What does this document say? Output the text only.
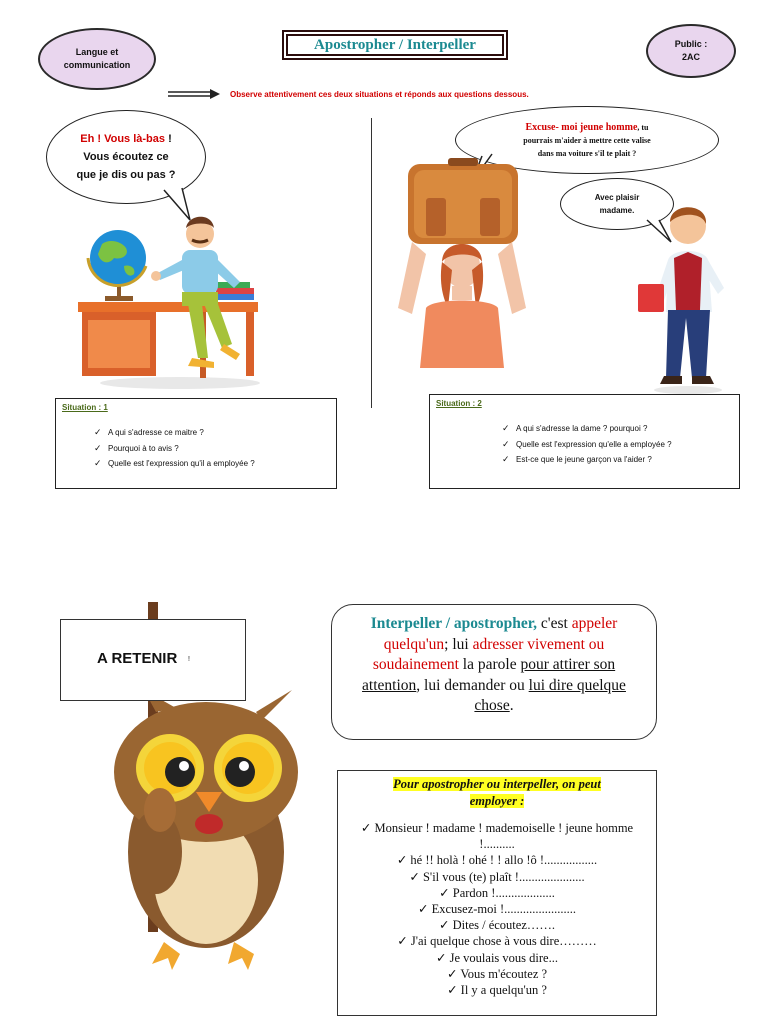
Langue et
communication
Apostropher / Interpeller	Public :
2AC
Observe attentivement ces deux situations et réponds aux questions dessous.
Eh ! Vous là-bas !
Vous écoutez ce
que je dis ou pas ?
Situation : 1
✓ A qui s'adresse ce maitre ?
✓ Pourquoi à to avis ?
✓ Quelle est l'expression qu'il a employée ?
Excuse- moi jeune homme, tu
pourrais m'aider à mettre cette valise
dans ma voiture s'il te plait ?
Avec plaisir
madame.
Situation : 2
✓ A qui s'adresse la dame ? pourquoi ?
✓ Quelle est l'expression qu'elle a employée ?
✓ Est-ce que le jeune garçon va l'aider ?
A RETENIR !
Interpeller / apostropher, c'est appeler quelqu'un; lui adresser vivement ou soudainement la parole pour attirer son attention, lui demander ou lui dire quelque chose.
Pour apostropher ou interpeller, on peut employer :
✓ Monsieur ! madame ! mademoiselle ! jeune homme !..........
✓ hé !! holà ! ohé ! ! allo !ô !.................
✓ S'il vous (te) plaît !.....................
✓ Pardon !...................
✓ Excusez-moi !.......................
✓ Dites / écoutez…….
✓ J'ai quelque chose à vous dire………
✓ Je voulais vous dire...
✓ Vous m'écoutez ?
✓ Il y a quelqu'un ?
